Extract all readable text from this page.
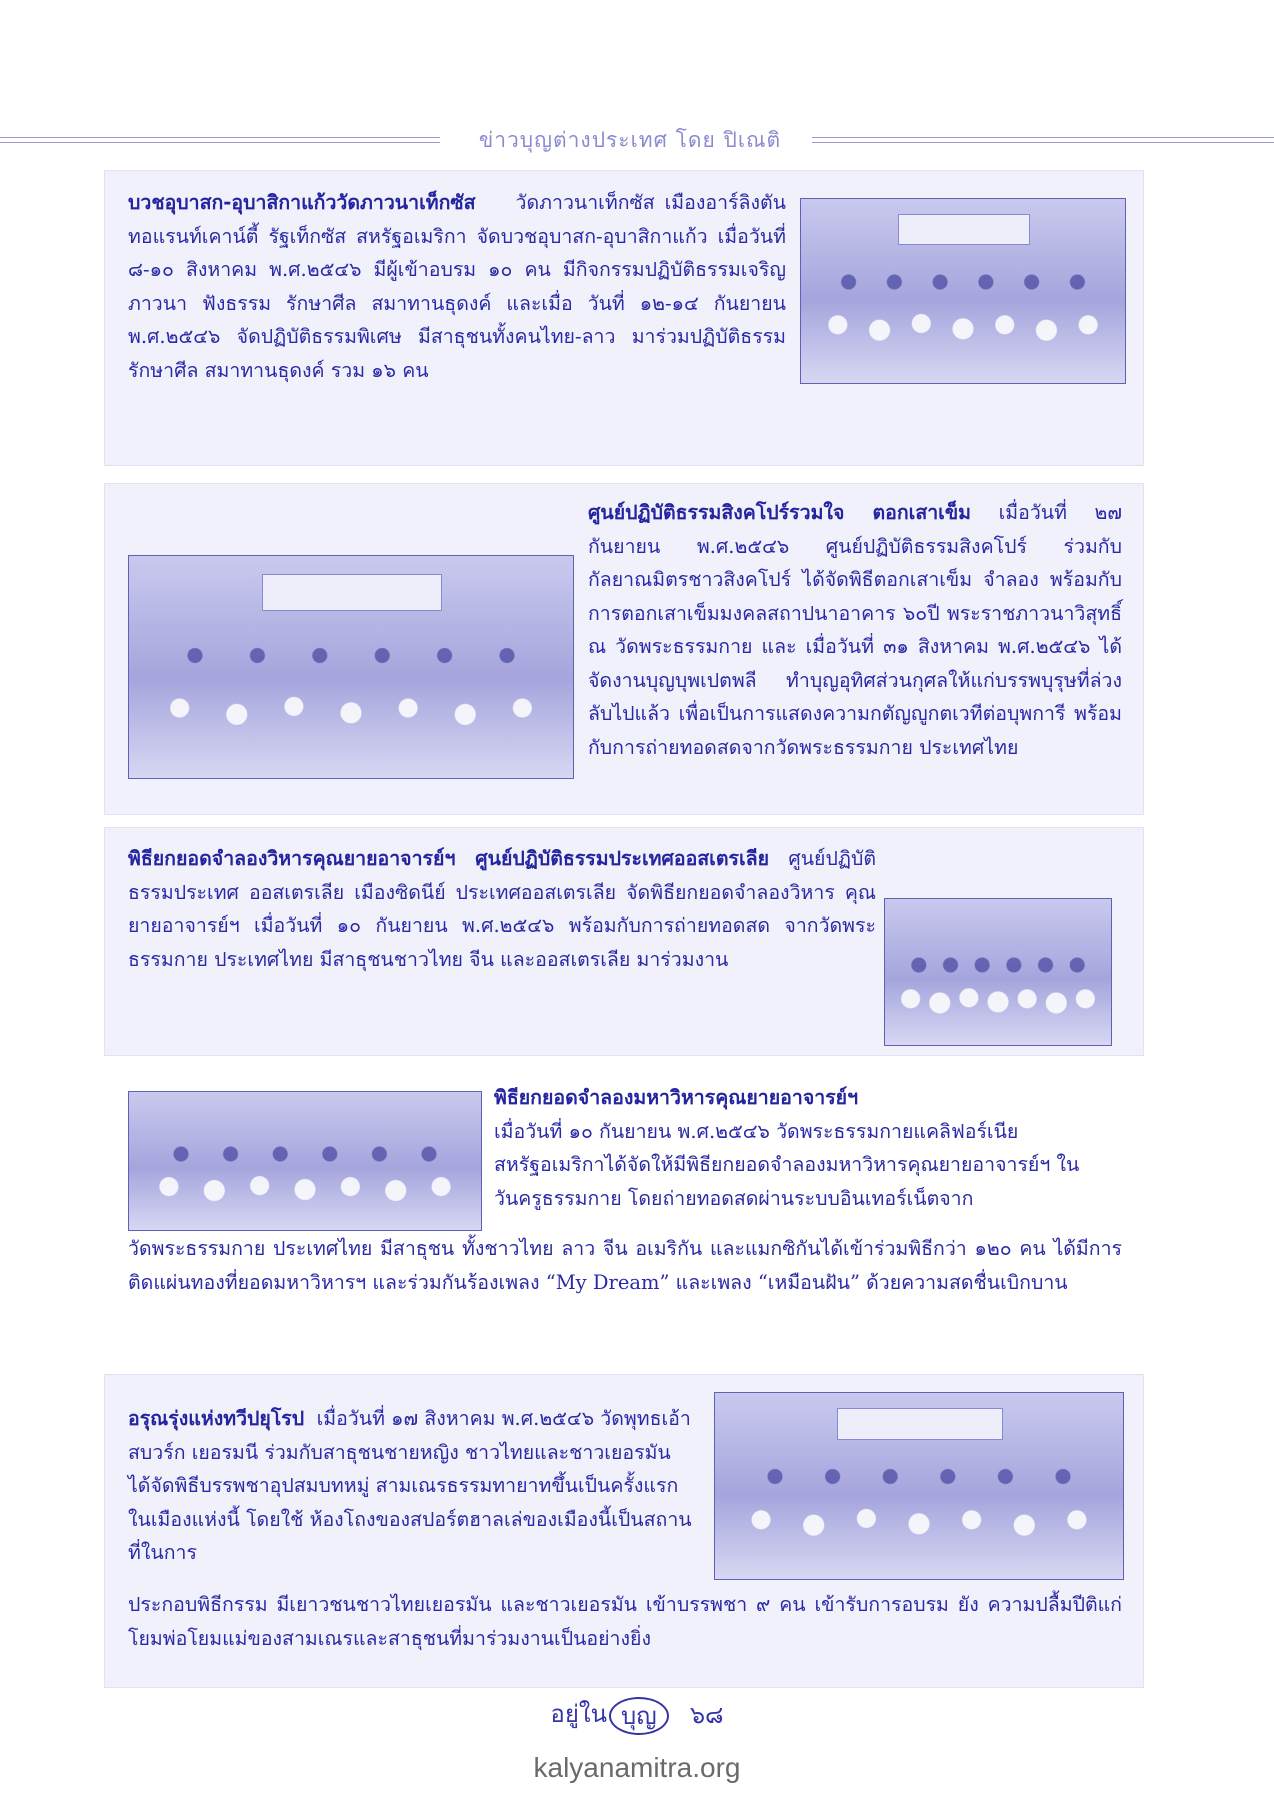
ข่าวบุญต่างประเทศ โดย ปิเณติ

บวชอุบาสก-อุบาสิกาแก้ววัดภาวนาเท็กซัส วัดภาวนาเท็กซัส เมืองอาร์ลิงตัน ทอแรนท์เคาน์ตี้ รัฐเท็กซัส สหรัฐอเมริกา จัดบวชอุบาสก-อุบาสิกาแก้ว เมื่อวันที่ ๘-๑๐ สิงหาคม พ.ศ.๒๕๔๖ มีผู้เข้าอบรม ๑๐ คน มีกิจกรรมปฏิบัติธรรมเจริญภาวนา ฟังธรรม รักษาศีล สมาทานธุดงค์ และเมื่อ วันที่ ๑๒-๑๔ กันยายน พ.ศ.๒๕๔๖ จัดปฏิบัติธรรมพิเศษ มีสาธุชนทั้งคนไทย-ลาว มาร่วมปฏิบัติธรรม รักษาศีล สมาทานธุดงค์ รวม ๑๖ คน

ศูนย์ปฏิบัติธรรมสิงคโปร์รวมใจ ตอกเสาเข็ม เมื่อวันที่ ๒๗ กันยายน พ.ศ.๒๕๔๖ ศูนย์ปฏิบัติธรรมสิงคโปร์ ร่วมกับกัลยาณมิตรชาวสิงคโปร์ ได้จัดพิธีตอกเสาเข็ม จำลอง พร้อมกับการตอกเสาเข็มมงคลสถาปนาอาคาร ๖๐ปี พระราชภาวนาวิสุทธิ์ ณ วัดพระธรรมกาย และ เมื่อวันที่ ๓๑ สิงหาคม พ.ศ.๒๕๔๖ ได้จัดงานบุญบุพเปตพลี ทำบุญอุทิศส่วนกุศลให้แก่บรรพบุรุษที่ล่วงลับไปแล้ว เพื่อเป็นการแสดงความกตัญญูกตเวทีต่อบุพการี พร้อม กับการถ่ายทอดสดจากวัดพระธรรมกาย ประเทศไทย

พิธียกยอดจำลองวิหารคุณยายอาจารย์ฯ ศูนย์ปฏิบัติธรรมประเทศออสเตรเลีย ศูนย์ปฏิบัติธรรมประเทศ ออสเตรเลีย เมืองซิดนีย์ ประเทศออสเตรเลีย จัดพิธียกยอดจำลองวิหาร คุณยายอาจารย์ฯ เมื่อวันที่ ๑๐ กันยายน พ.ศ.๒๕๔๖ พร้อมกับการถ่ายทอดสด จากวัดพระธรรมกาย ประเทศไทย มีสาธุชนชาวไทย จีน และออสเตรเลีย มาร่วมงาน

พิธียกยอดจำลองมหาวิหารคุณยายอาจารย์ฯ
เมื่อวันที่ ๑๐ กันยายน พ.ศ.๒๕๔๖ วัดพระธรรมกายแคลิฟอร์เนีย สหรัฐอเมริกาได้จัดให้มีพิธียกยอดจำลองมหาวิหารคุณยายอาจารย์ฯ ในวันครูธรรมกาย โดยถ่ายทอดสดผ่านระบบอินเทอร์เน็ตจาก

วัดพระธรรมกาย ประเทศไทย มีสาธุชน ทั้งชาวไทย ลาว จีน อเมริกัน และแมกซิกันได้เข้าร่วมพิธีกว่า ๑๒๐ คน ได้มีการติดแผ่นทองที่ยอดมหาวิหารฯ และร่วมกันร้องเพลง “My Dream” และเพลง “เหมือนฝัน” ด้วยความสดชื่นเบิกบาน

อรุณรุ่งแห่งทวีปยุโรป เมื่อวันที่ ๑๗ สิงหาคม พ.ศ.๒๕๔๖ วัดพุทธเอ้าสบวร์ก เยอรมนี ร่วมกับสาธุชนชายหญิง ชาวไทยและชาวเยอรมัน ได้จัดพิธีบรรพชาอุปสมบทหมู่ สามเณรธรรมทายาทขึ้นเป็นครั้งแรกในเมืองแห่งนี้ โดยใช้ ห้องโถงของสปอร์ตฮาลเล่ของเมืองนี้เป็นสถานที่ในการ

ประกอบพิธีกรรม มีเยาวชนชาวไทยเยอรมัน และชาวเยอรมัน เข้าบรรพชา ๙ คน เข้ารับการอบรม ยัง ความปลื้มปีติแก่โยมพ่อโยมแม่ของสามเณรและสาธุชนที่มาร่วมงานเป็นอย่างยิ่ง

อยู่ใน บุญ ๖๘
kalyanamitra.org
